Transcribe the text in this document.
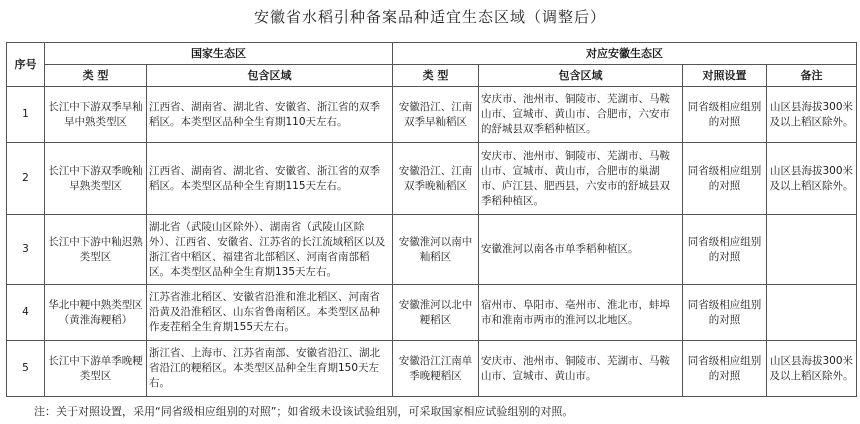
安徽省水稻引种备案品种适宜生态区域（调整后）
序号	国家生态区		对应安徽生态区			
	类 型	包含区域	类 型	包含区域	对照设置	备注
1	长江中下游双季早籼早中熟类型区	江西省、湖南省、湖北省、安徽省、浙江省的双季稻区。本类型区品种全生育期110天左右。	安徽沿江、江南双季早籼稻区	安庆市、池州市、铜陵市、芜湖市、马鞍山市、宣城市、黄山市、合肥市，六安市的舒城县双季稻种植区。	同省级相应组别的对照	山区县海拔300米及以上稻区除外。
2	长江中下游双季晚籼早熟类型区	江西省、湖南省、湖北省、安徽省、浙江省的双季稻区。本类型区品种全生育期115天左右。	安徽沿江、江南双季晚籼稻区	安庆市、池州市、铜陵市、芜湖市、马鞍山市、宣城市、黄山市，合肥市的巢湖市、庐江县、肥西县，六安市的舒城县双季稻种植区。	同省级相应组别的对照	山区县海拔300米及以上稻区除外。
3	长江中下游中籼迟熟类型区	湖北省（武陵山区除外）、湖南省（武陵山区除外）、江西省、安徽省、江苏省的长江流域稻区以及浙江省中稻区、福建省北部稻区、河南省南部稻区。本类型区品种全生育期135天左右。	安徽淮河以南中籼稻区	安徽淮河以南各市单季稻种植区。	同省级相应组别的对照	
4	华北中粳中熟类型区（黄淮海粳稻）	江苏省淮北稻区、安徽省沿淮和淮北稻区、河南省沿黄及沿淮稻区、山东省鲁南稻区。本类型区品种作麦茬稻全生育期155天左右。	安徽淮河以北中粳稻区	宿州市、阜阳市、亳州市、淮北市，蚌埠市和淮南市两市的淮河以北地区。	同省级相应组别的对照	
5	长江中下游单季晚粳类型区	浙江省、上海市、江苏省南部、安徽省沿江、湖北省沿江的粳稻区。本类型区品种全生育期150天左右。	安徽沿江江南单季晚粳稻区	安庆市、池州市、铜陵市、芜湖市、马鞍山市、宣城市、黄山市。	同省级相应组别的对照	山区县海拔300米及以上稻区除外。
注：关于对照设置，采用“同省级相应组别的对照”；如省级未设该试验组别，可采取国家相应试验组别的对照。
